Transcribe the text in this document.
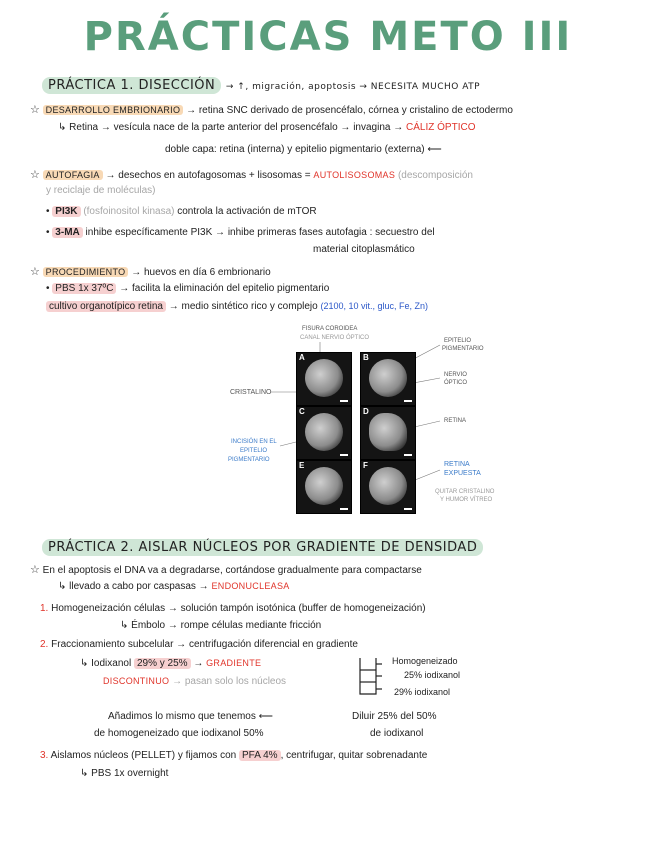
PRÁCTICAS METO III
PRÁCTICA 1. DISECCIÓN → ↑, migración, apoptosis → NECESITA MUCHO ATP
☆ DESARROLLO EMBRIONARIO → retina SNC derivado de prosencéfalo, córnea y cristalino de ectodermo
↳ Retina → vesícula nace de la parte anterior del prosencéfalo → invagina → CÁLIZ ÓPTICO
doble capa: retina (interna) y epitelio pigmentario (externa) ⟵
☆ AUTOFAGIA → desechos en autofagosomas + lisosomas = AUTOLISOSOMAS (descomposición
y reciclaje de moléculas)
• PI3K (fosfoinositol kinasa) controla la activación de mTOR
• 3-MA inhibe específicamente PI3K → inhibe primeras fases autofagia : secuestro del
material citoplasmático
☆ PROCEDIMIENTO → huevos en día 6 embrionario
• PBS 1x 37ºC → facilita la eliminación del epitelio pigmentario
cultivo organotípico retina → medio sintético rico y complejo (2100, 10 vit., gluc, Fe, Zn)
FISURA COROIDEA
CANAL NERVIO ÓPTICO
CRISTALINO
INCISIÓN EN EL
EPITELIO
PIGMENTARIO
EPITELIO
PIGMENTARIO
NERVIO
ÓPTICO
RETINA
RETINA
EXPUESTA
QUITAR CRISTALINO
Y HUMOR VÍTREO
A	B
C	D
E	F
PRÁCTICA 2. AISLAR NÚCLEOS POR GRADIENTE DE DENSIDAD
☆ En el apoptosis el DNA va a degradarse, cortándose gradualmente para compactarse
↳ llevado a cabo por caspasas → ENDONUCLEASA
1. Homogeneización células → solución tampón isotónica (buffer de homogeneización)
↳ Émbolo → rompe células mediante fricción
2. Fraccionamiento subcelular → centrifugación diferencial en gradiente
↳ Iodixanol 29% y 25% → GRADIENTE
DISCONTINUO → pasan solo los núcleos
Homogeneizado
25% iodixanol
29% iodixanol
Añadimos lo mismo que tenemos ⟵
de homogeneizado que iodixanol 50%
Diluir 25% del 50%
de iodixanol
3. Aislamos núcleos (PELLET) y fijamos con PFA 4% , centrifugar, quitar sobrenadante
↳ PBS 1x overnight
